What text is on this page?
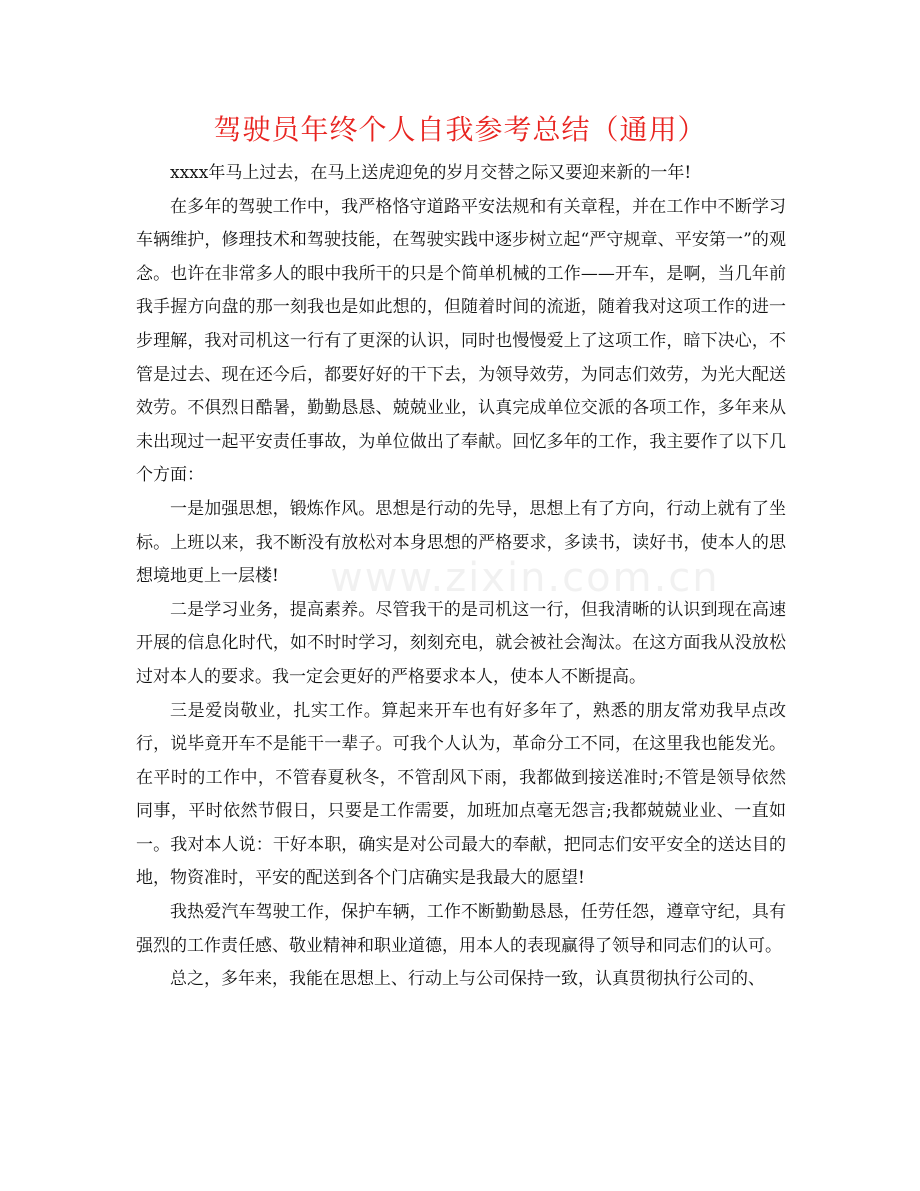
驾驶员年终个人自我参考总结（通用）

xxxx年马上过去，在马上送虎迎免的岁月交替之际又要迎来新的一年!

在多年的驾驶工作中，我严格恪守道路平安法规和有关章程，并在工作中不断学习车辆维护，修理技术和驾驶技能，在驾驶实践中逐步树立起“严守规章、平安第一”的观念。也许在非常多人的眼中我所干的只是个简单机械的工作——开车，是啊，当几年前我手握方向盘的那一刻我也是如此想的，但随着时间的流逝，随着我对这项工作的进一步理解，我对司机这一行有了更深的认识，同时也慢慢爱上了这项工作，暗下决心，不管是过去、现在还今后，都要好好的干下去，为领导效劳，为同志们效劳，为光大配送效劳。不俱烈日酷暑，勤勤恳恳、兢兢业业，认真完成单位交派的各项工作，多年来从未出现过一起平安责任事故，为单位做出了奉献。回忆多年的工作，我主要作了以下几个方面：

一是加强思想，锻炼作风。思想是行动的先导，思想上有了方向，行动上就有了坐标。上班以来，我不断没有放松对本身思想的严格要求，多读书，读好书，使本人的思想境地更上一层楼!

二是学习业务，提高素养。尽管我干的是司机这一行，但我清晰的认识到现在高速开展的信息化时代，如不时时学习，刻刻充电，就会被社会淘汰。在这方面我从没放松过对本人的要求。我一定会更好的严格要求本人，使本人不断提高。

三是爱岗敬业，扎实工作。算起来开车也有好多年了，熟悉的朋友常劝我早点改行，说毕竟开车不是能干一辈子。可我个人认为，革命分工不同，在这里我也能发光。在平时的工作中，不管春夏秋冬，不管刮风下雨，我都做到接送准时;不管是领导依然同事，平时依然节假日，只要是工作需要，加班加点毫无怨言;我都兢兢业业、一直如一。我对本人说：干好本职，确实是对公司最大的奉献，把同志们安平安全的送达目的地，物资准时，平安的配送到各个门店确实是我最大的愿望!

我热爱汽车驾驶工作，保护车辆，工作不断勤勤恳恳，任劳任怨，遵章守纪，具有强烈的工作责任感、敬业精神和职业道德，用本人的表现赢得了领导和同志们的认可。

总之，多年来，我能在思想上、行动上与公司保持一致，认真贯彻执行公司的、

www.zixin.com.cn
